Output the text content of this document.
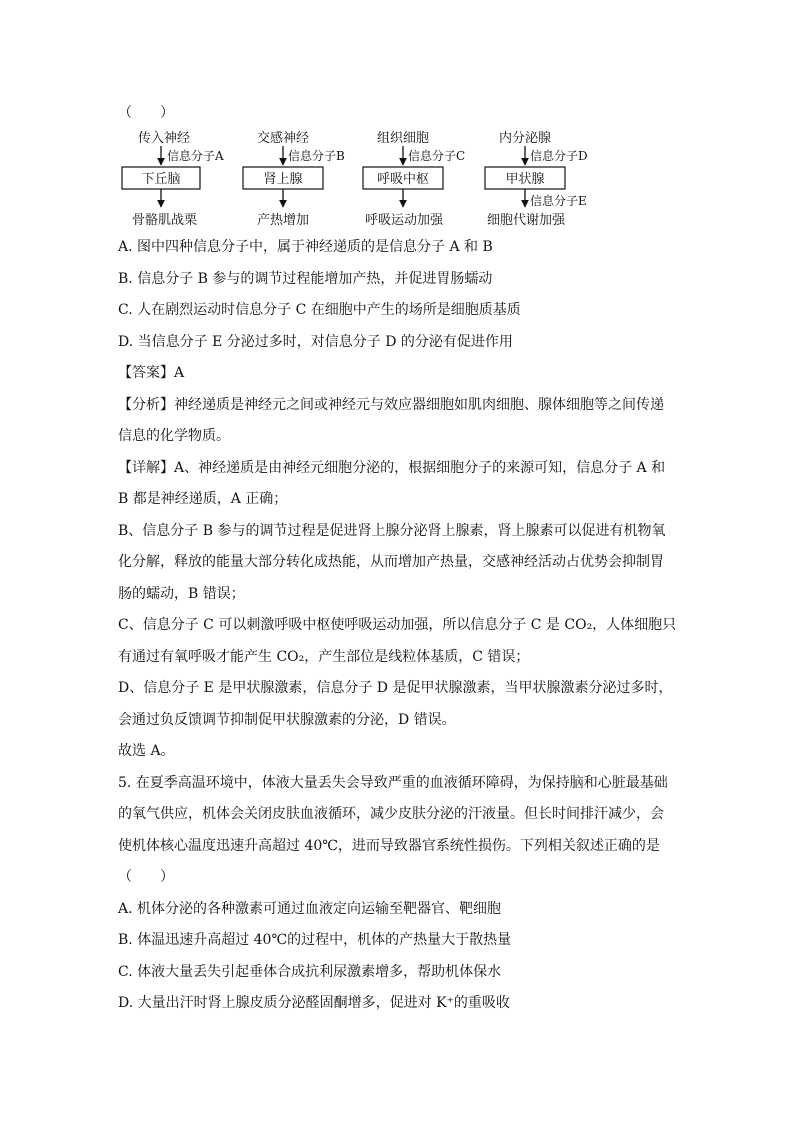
（　　）
传入神经
信息分子A
下丘脑
骨骼肌战栗
交感神经
信息分子B
肾上腺
产热增加
组织细胞
信息分子C
呼吸中枢
呼吸运动加强
内分泌腺
信息分子D
甲状腺
信息分子E
细胞代谢加强
A. 图中四种信息分子中，属于神经递质的是信息分子 A 和 B
B. 信息分子 B 参与的调节过程能增加产热，并促进胃肠蠕动
C. 人在剧烈运动时信息分子 C 在细胞中产生的场所是细胞质基质
D. 当信息分子 E 分泌过多时，对信息分子 D 的分泌有促进作用
【答案】A
【分析】神经递质是神经元之间或神经元与效应器细胞如肌肉细胞、腺体细胞等之间传递
信息的化学物质。
【详解】A、神经递质是由神经元细胞分泌的，根据细胞分子的来源可知，信息分子 A 和
B 都是神经递质，A 正确；
B、信息分子 B 参与的调节过程是促进肾上腺分泌肾上腺素，肾上腺素可以促进有机物氧
化分解，释放的能量大部分转化成热能，从而增加产热量，交感神经活动占优势会抑制胃
肠的蠕动，B 错误；
C、信息分子 C 可以刺激呼吸中枢使呼吸运动加强，所以信息分子 C 是 CO₂，人体细胞只
有通过有氧呼吸才能产生 CO₂，产生部位是线粒体基质，C 错误；
D、信息分子 E 是甲状腺激素，信息分子 D 是促甲状腺激素，当甲状腺激素分泌过多时，
会通过负反馈调节抑制促甲状腺激素的分泌，D 错误。
故选 A。
5. 在夏季高温环境中，体液大量丢失会导致严重的血液循环障碍，为保持脑和心脏最基础
的氧气供应，机体会关闭皮肤血液循环，减少皮肤分泌的汗液量。但长时间排汗减少，会
使机体核心温度迅速升高超过 40℃，进而导致器官系统性损伤。下列相关叙述正确的是
（　　）
A. 机体分泌的各种激素可通过血液定向运输至靶器官、靶细胞
B. 体温迅速升高超过 40℃的过程中，机体的产热量大于散热量
C. 体液大量丢失引起垂体合成抗利尿激素增多，帮助机体保水
D. 大量出汗时肾上腺皮质分泌醛固酮增多，促进对 K⁺的重吸收
